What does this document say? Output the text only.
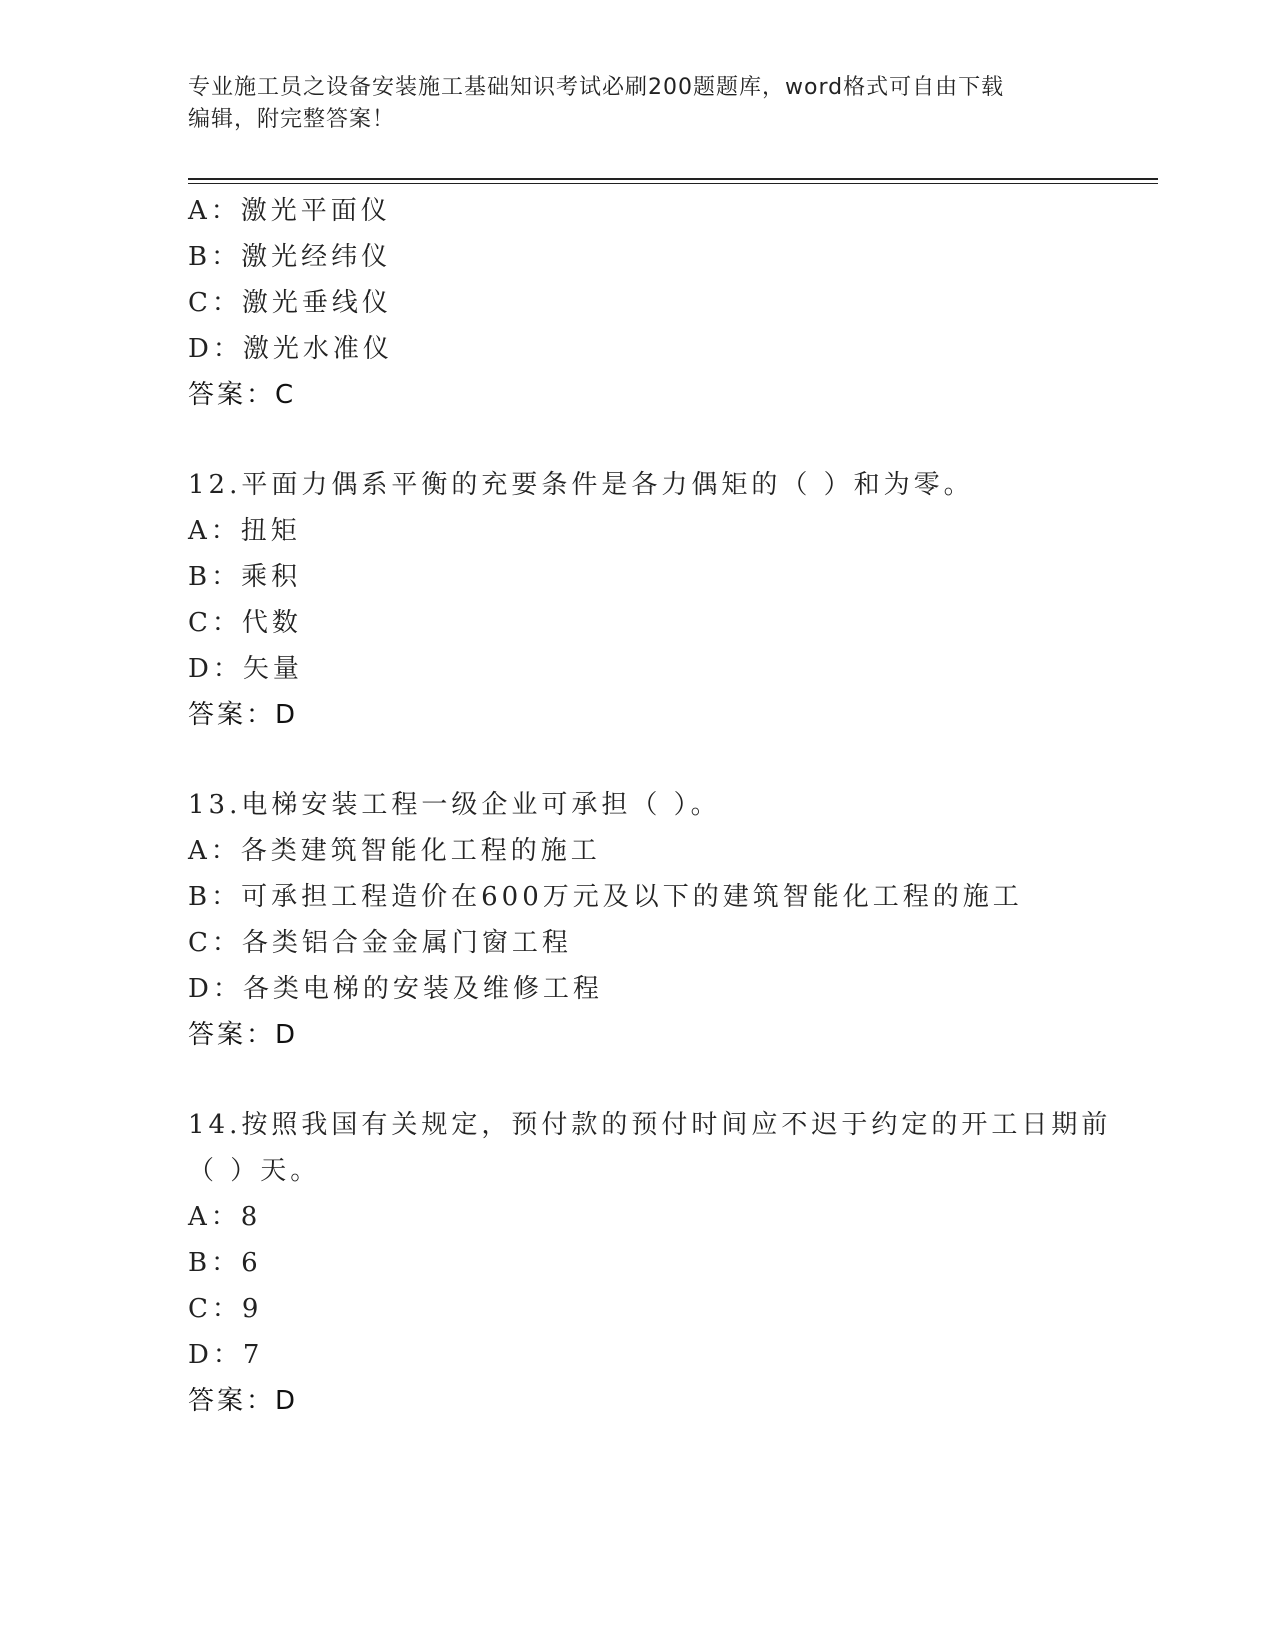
专业施工员之设备安装施工基础知识考试必刷200题题库，word格式可自由下载
编辑，附完整答案！
A：激光平面仪
B：激光经纬仪
C：激光垂线仪
D：激光水准仪
答案：C
12.平面力偶系平衡的充要条件是各力偶矩的（ ）和为零。
A：扭矩
B：乘积
C：代数
D：矢量
答案：D
13.电梯安装工程一级企业可承担（ ）。
A：各类建筑智能化工程的施工
B：可承担工程造价在600万元及以下的建筑智能化工程的施工
C：各类铝合金金属门窗工程
D：各类电梯的安装及维修工程
答案：D
14.按照我国有关规定，预付款的预付时间应不迟于约定的开工日期前
（ ）天。
A：8
B：6
C：9
D：7
答案：D
